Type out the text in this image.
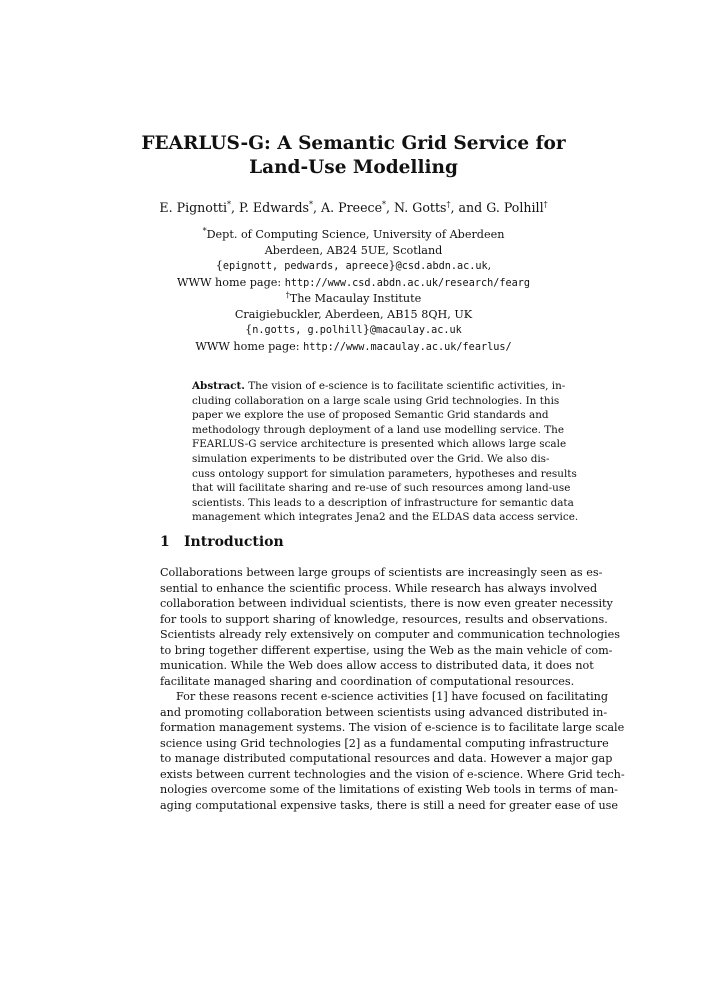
FEARLUS-G: A Semantic Grid Service for
Land-Use Modelling
E. Pignotti*, P. Edwards*, A. Preece*, N. Gotts†, and G. Polhill†
*Dept. of Computing Science, University of Aberdeen
Aberdeen, AB24 5UE, Scotland
{epignott, pedwards, apreece}@csd.abdn.ac.uk,
WWW home page: http://www.csd.abdn.ac.uk/research/fearg
†The Macaulay Institute
Craigiebuckler, Aberdeen, AB15 8QH, UK
{n.gotts, g.polhill}@macaulay.ac.uk
WWW home page: http://www.macaulay.ac.uk/fearlus/
Abstract. The vision of e-science is to facilitate scientific activities, in-
cluding collaboration on a large scale using Grid technologies. In this
paper we explore the use of proposed Semantic Grid standards and
methodology through deployment of a land use modelling service. The
FEARLUS-G service architecture is presented which allows large scale
simulation experiments to be distributed over the Grid. We also dis-
cuss ontology support for simulation parameters, hypotheses and results
that will facilitate sharing and re-use of such resources among land-use
scientists. This leads to a description of infrastructure for semantic data
management which integrates Jena2 and the ELDAS data access service.
1 Introduction
Collaborations between large groups of scientists are increasingly seen as es-
sential to enhance the scientific process. While research has always involved
collaboration between individual scientists, there is now even greater necessity
for tools to support sharing of knowledge, resources, results and observations.
Scientists already rely extensively on computer and communication technologies
to bring together different expertise, using the Web as the main vehicle of com-
munication. While the Web does allow access to distributed data, it does not
facilitate managed sharing and coordination of computational resources.
For these reasons recent e-science activities [1] have focused on facilitating
and promoting collaboration between scientists using advanced distributed in-
formation management systems. The vision of e-science is to facilitate large scale
science using Grid technologies [2] as a fundamental computing infrastructure
to manage distributed computational resources and data. However a major gap
exists between current technologies and the vision of e-science. Where Grid tech-
nologies overcome some of the limitations of existing Web tools in terms of man-
aging computational expensive tasks, there is still a need for greater ease of use
